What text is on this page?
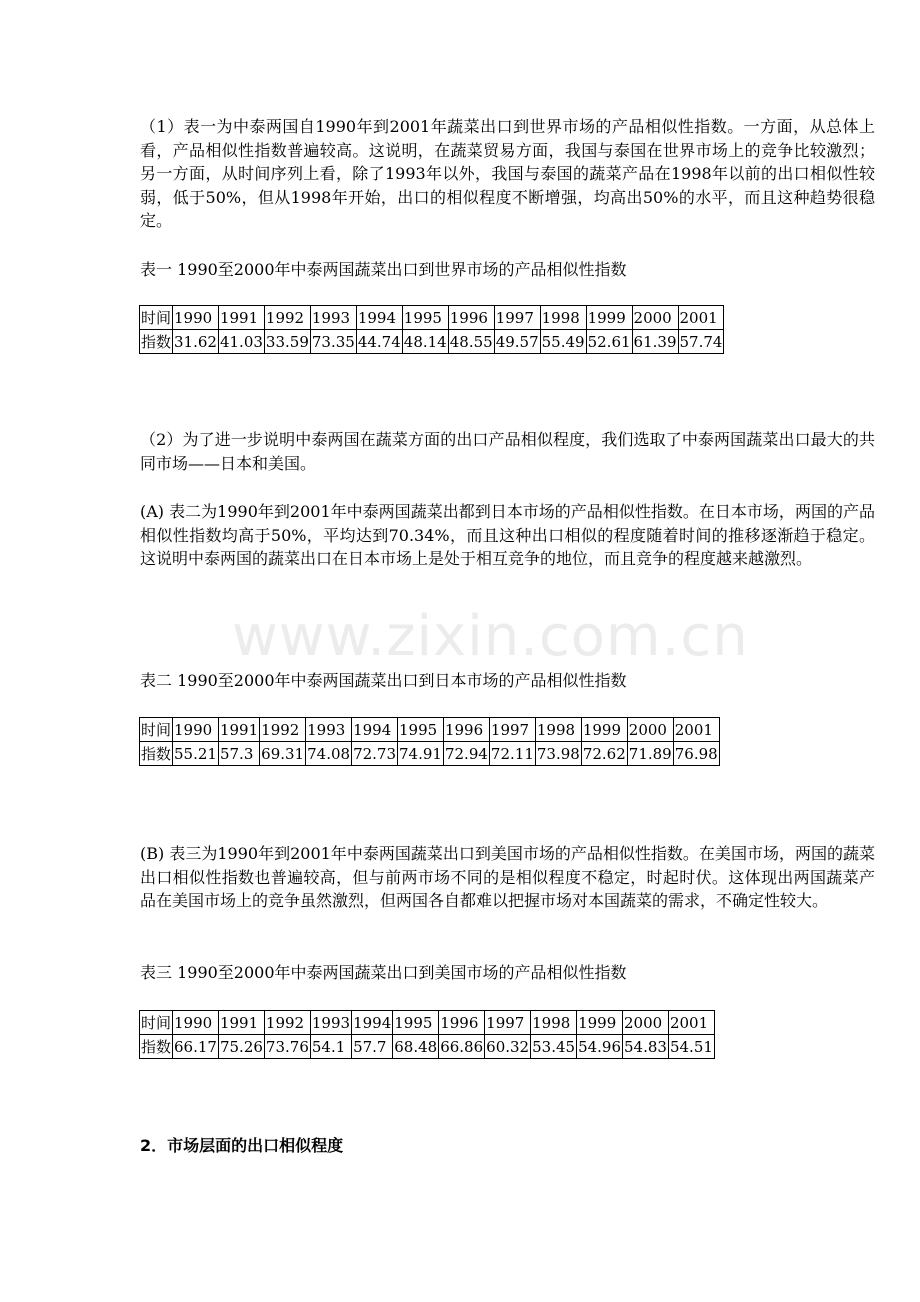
www.zixin.com.cn

（1）表一为中泰两国自1990年到2001年蔬菜出口到世界市场的产品相似性指数。一方面，从总体上看，产品相似性指数普遍较高。这说明，在蔬菜贸易方面，我国与泰国在世界市场上的竞争比较激烈；另一方面，从时间序列上看，除了1993年以外，我国与泰国的蔬菜产品在1998年以前的出口相似性较弱，低于50%，但从1998年开始，出口的相似程度不断增强，均高出50%的水平，而且这种趋势很稳定。

表一 1990至2000年中泰两国蔬菜出口到世界市场的产品相似性指数

时间	1990	1991	1992	1993	1994	1995	1996	1997	1998	1999	2000	2001
指数	31.62	41.03	33.59	73.35	44.74	48.14	48.55	49.57	55.49	52.61	61.39	57.74

（2）为了进一步说明中泰两国在蔬菜方面的出口产品相似程度，我们选取了中泰两国蔬菜出口最大的共同市场——日本和美国。

(A) 表二为1990年到2001年中泰两国蔬菜出都到日本市场的产品相似性指数。在日本市场，两国的产品相似性指数均高于50%，平均达到70.34%，而且这种出口相似的程度随着时间的推移逐渐趋于稳定。这说明中泰两国的蔬菜出口在日本市场上是处于相互竞争的地位，而且竞争的程度越来越激烈。

表二 1990至2000年中泰两国蔬菜出口到日本市场的产品相似性指数

时间	1990	1991	1992	1993	1994	1995	1996	1997	1998	1999	2000	2001
指数	55.21	57.3	69.31	74.08	72.73	74.91	72.94	72.11	73.98	72.62	71.89	76.98

(B) 表三为1990年到2001年中泰两国蔬菜出口到美国市场的产品相似性指数。在美国市场，两国的蔬菜出口相似性指数也普遍较高，但与前两市场不同的是相似程度不稳定，时起时伏。这体现出两国蔬菜产品在美国市场上的竞争虽然激烈，但两国各自都难以把握市场对本国蔬菜的需求，不确定性较大。

表三 1990至2000年中泰两国蔬菜出口到美国市场的产品相似性指数

时间	1990	1991	1992	1993	1994	1995	1996	1997	1998	1999	2000	2001
指数	66.17	75.26	73.76	54.1	57.7	68.48	66.86	60.32	53.45	54.96	54.83	54.51

2．市场层面的出口相似程度
